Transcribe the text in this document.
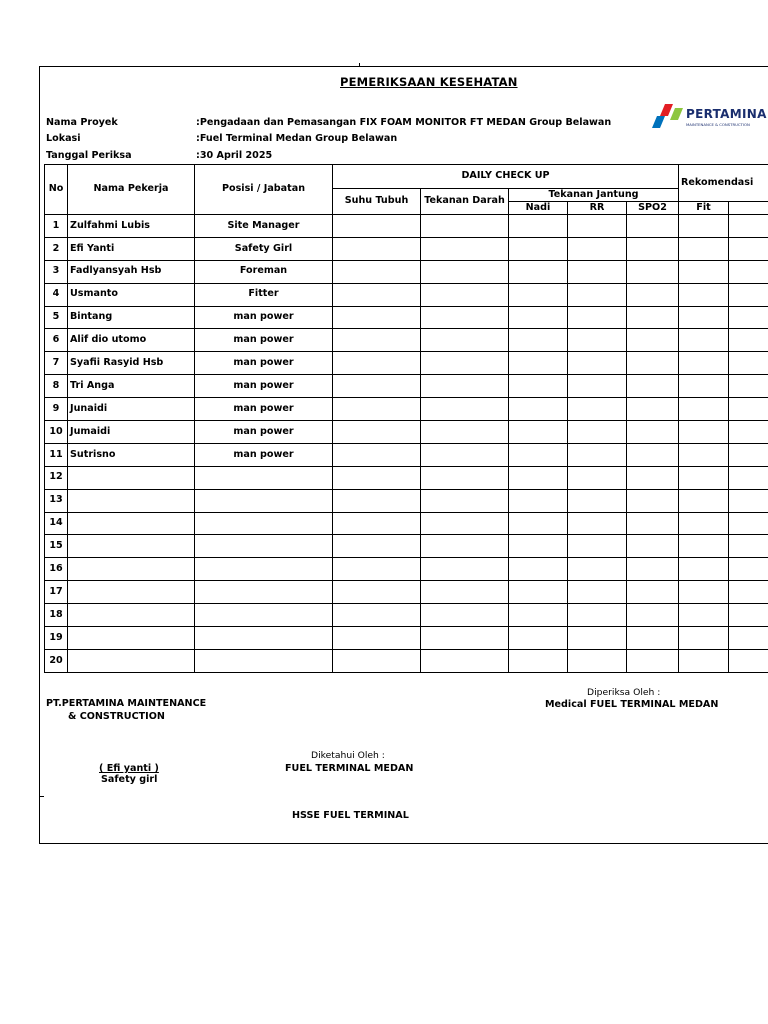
PEMERIKSAAN KESEHATAN
Nama Proyek	:Pengadaan dan Pemasangan FIX FOAM MONITOR FT MEDAN Group Belawan
Lokasi	:Fuel Terminal Medan Group Belawan
Tanggal Periksa	:30 April 2025
PERTAMINA
MAINTENANCE & CONSTRUCTION
No	Nama Pekerja	Posisi / Jabatan	DAILY CHECK UP					Rekomendasi	
			Suhu Tubuh	Tekanan Darah	Tekanan Jantung				
					Nadi	RR	SPO2	Fit	
1	Zulfahmi Lubis	Site Manager							
2	Efi Yanti	Safety Girl							
3	Fadlyansyah Hsb	Foreman							
4	Usmanto	Fitter							
5	Bintang	man power							
6	Alif dio utomo	man power							
7	Syafii Rasyid Hsb	man power							
8	Tri Anga	man power							
9	Junaidi	man power							
10	Jumaidi	man power							
11	Sutrisno	man power							
12									
13									
14									
15									
16									
17									
18									
19									
20									
PT.PERTAMINA MAINTENANCE
& CONSTRUCTION
Diperiksa Oleh :
Medical FUEL TERMINAL MEDAN
Diketahui Oleh :
FUEL TERMINAL MEDAN
( Efi yanti )
Safety girl
HSSE FUEL TERMINAL
